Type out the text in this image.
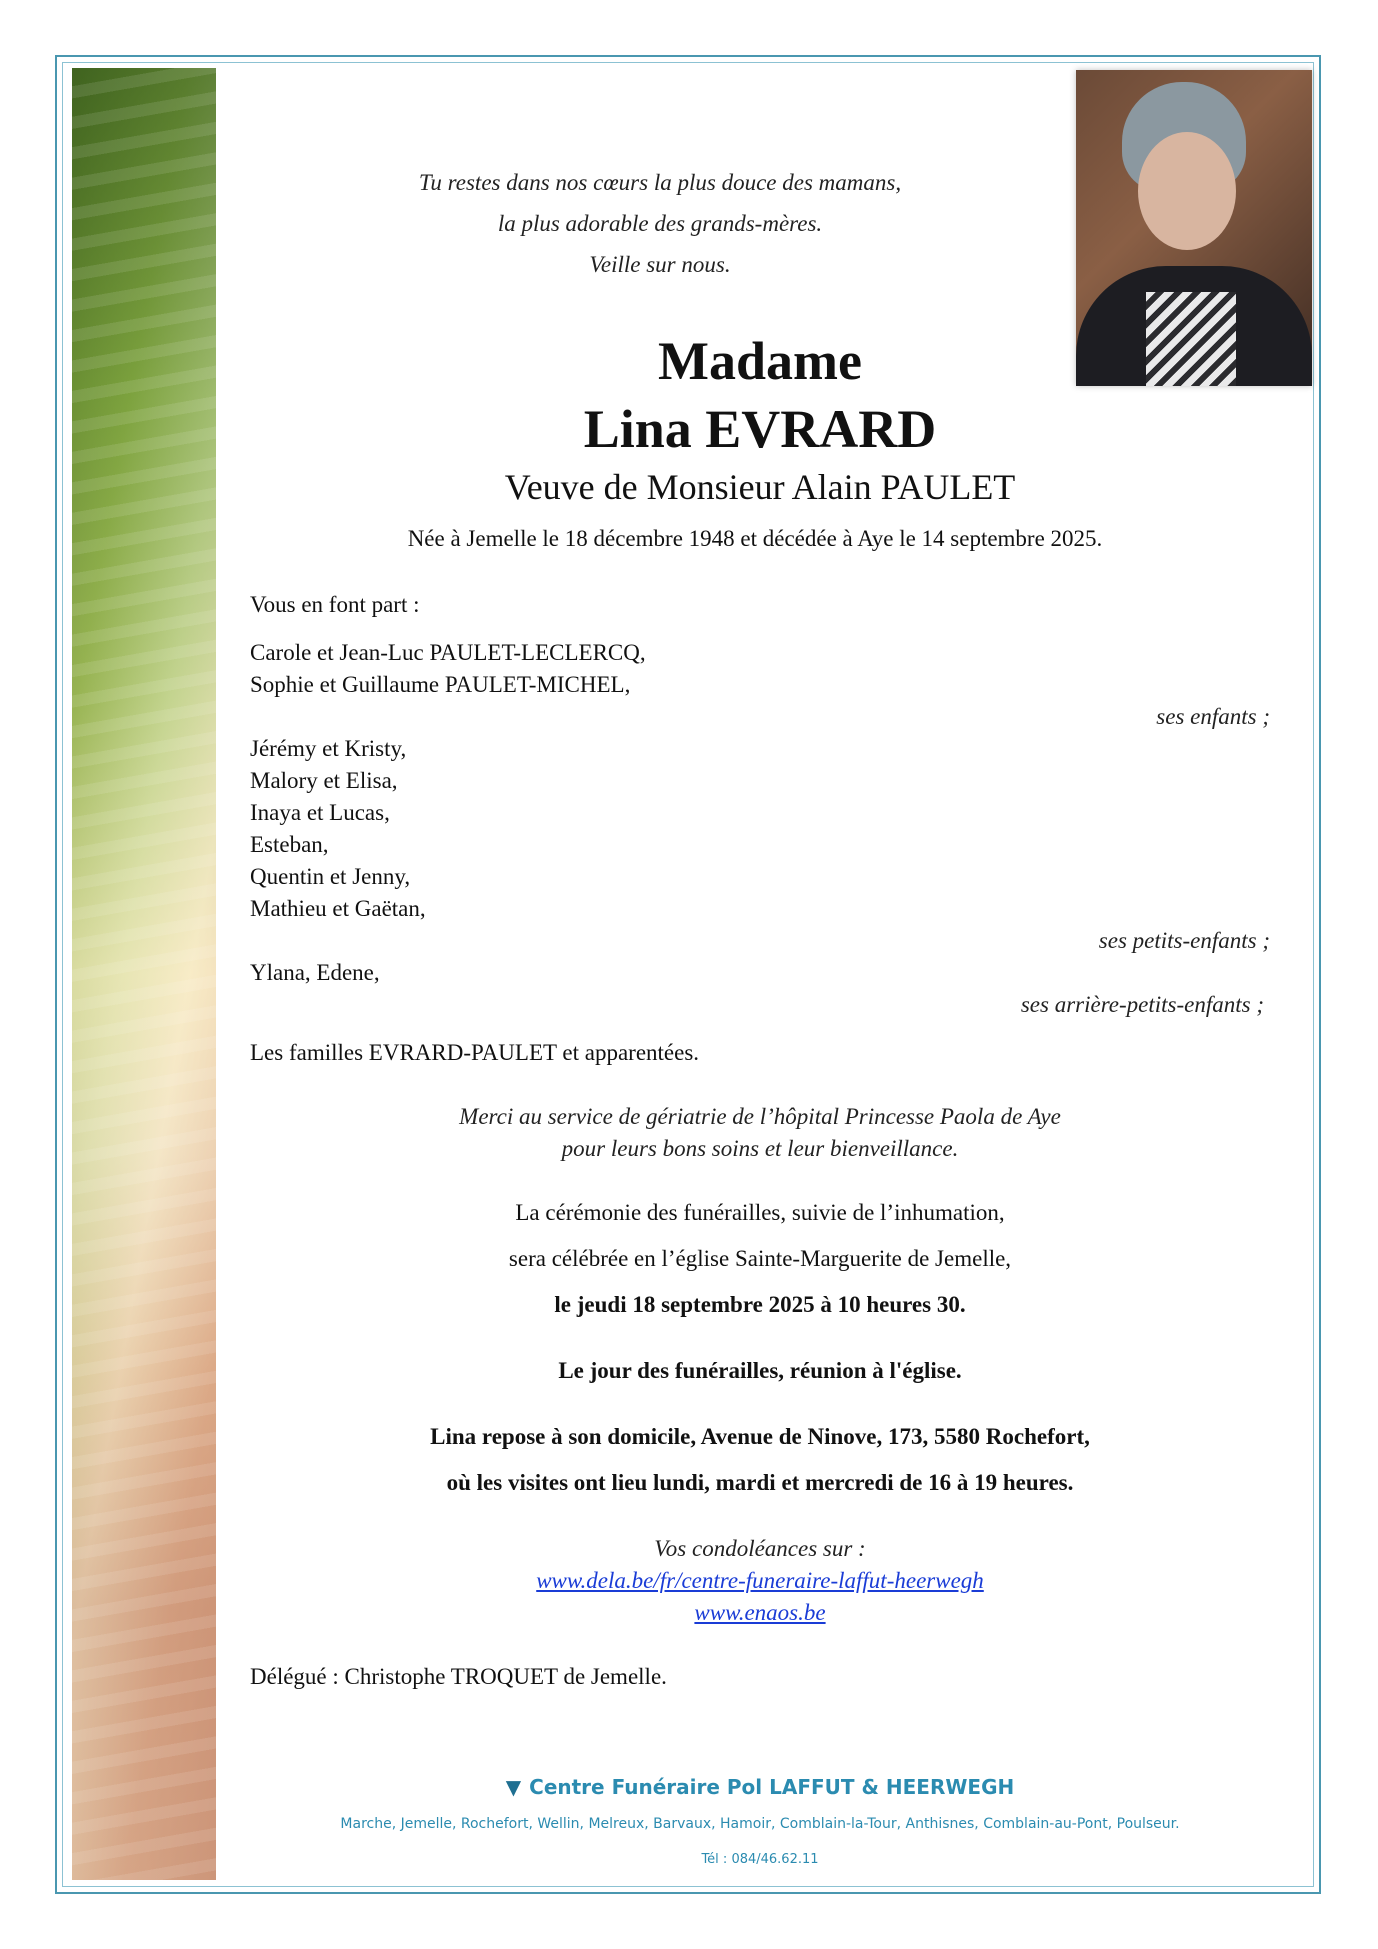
Tu restes dans nos cœurs la plus douce des mamans,
la plus adorable des grands-mères.
Veille sur nous.
Madame
Lina EVRARD
Veuve de Monsieur Alain PAULET
Née à Jemelle le 18 décembre 1948 et décédée à Aye le 14 septembre 2025.
Vous en font part :
Carole et Jean-Luc PAULET-LECLERCQ,
Sophie et Guillaume PAULET-MICHEL,
ses enfants ;
Jérémy et Kristy,
Malory et Elisa,
Inaya et Lucas,
Esteban,
Quentin et Jenny,
Mathieu et Gaëtan,
ses petits-enfants ;
Ylana, Edene,
ses arrière-petits-enfants ;
Les familles EVRARD-PAULET et apparentées.
Merci au service de gériatrie de l’hôpital Princesse Paola de Aye
pour leurs bons soins et leur bienveillance.
La cérémonie des funérailles, suivie de l’inhumation,
sera célébrée en l’église Sainte-Marguerite de Jemelle,
le jeudi 18 septembre 2025 à 10 heures 30.
Le jour des funérailles, réunion à l'église.
Lina repose à son domicile, Avenue de Ninove, 173, 5580 Rochefort,
où les visites ont lieu lundi, mardi et mercredi de 16 à 19 heures.
Vos condoléances sur :
www.dela.be/fr/centre-funeraire-laffut-heerwegh
www.enaos.be
Délégué : Christophe TROQUET de Jemelle.
▼ Centre Funéraire Pol LAFFUT & HEERWEGH
Marche, Jemelle, Rochefort, Wellin, Melreux, Barvaux, Hamoir, Comblain-la-Tour, Anthisnes, Comblain-au-Pont, Poulseur.
Tél : 084/46.62.11
